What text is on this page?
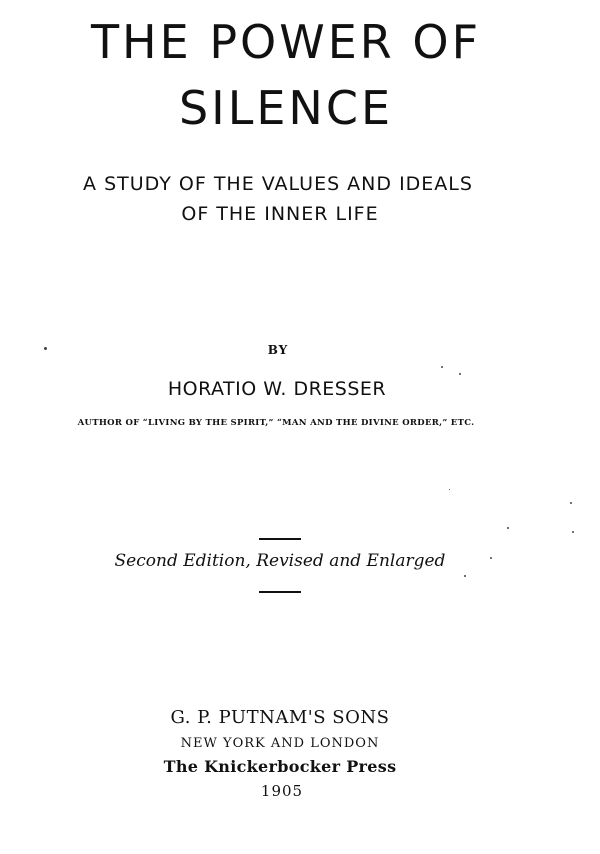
THE POWER OF
SILENCE

A STUDY OF THE VALUES AND IDEALS

OF THE INNER LIFE

BY

HORATIO W. DRESSER

AUTHOR OF “LIVING BY THE SPIRIT,” “MAN AND THE DIVINE ORDER,” ETC.

Second Edition, Revised and Enlarged

G. P. PUTNAM'S SONS

NEW YORK AND LONDON

The Knickerbocker Press

1905
